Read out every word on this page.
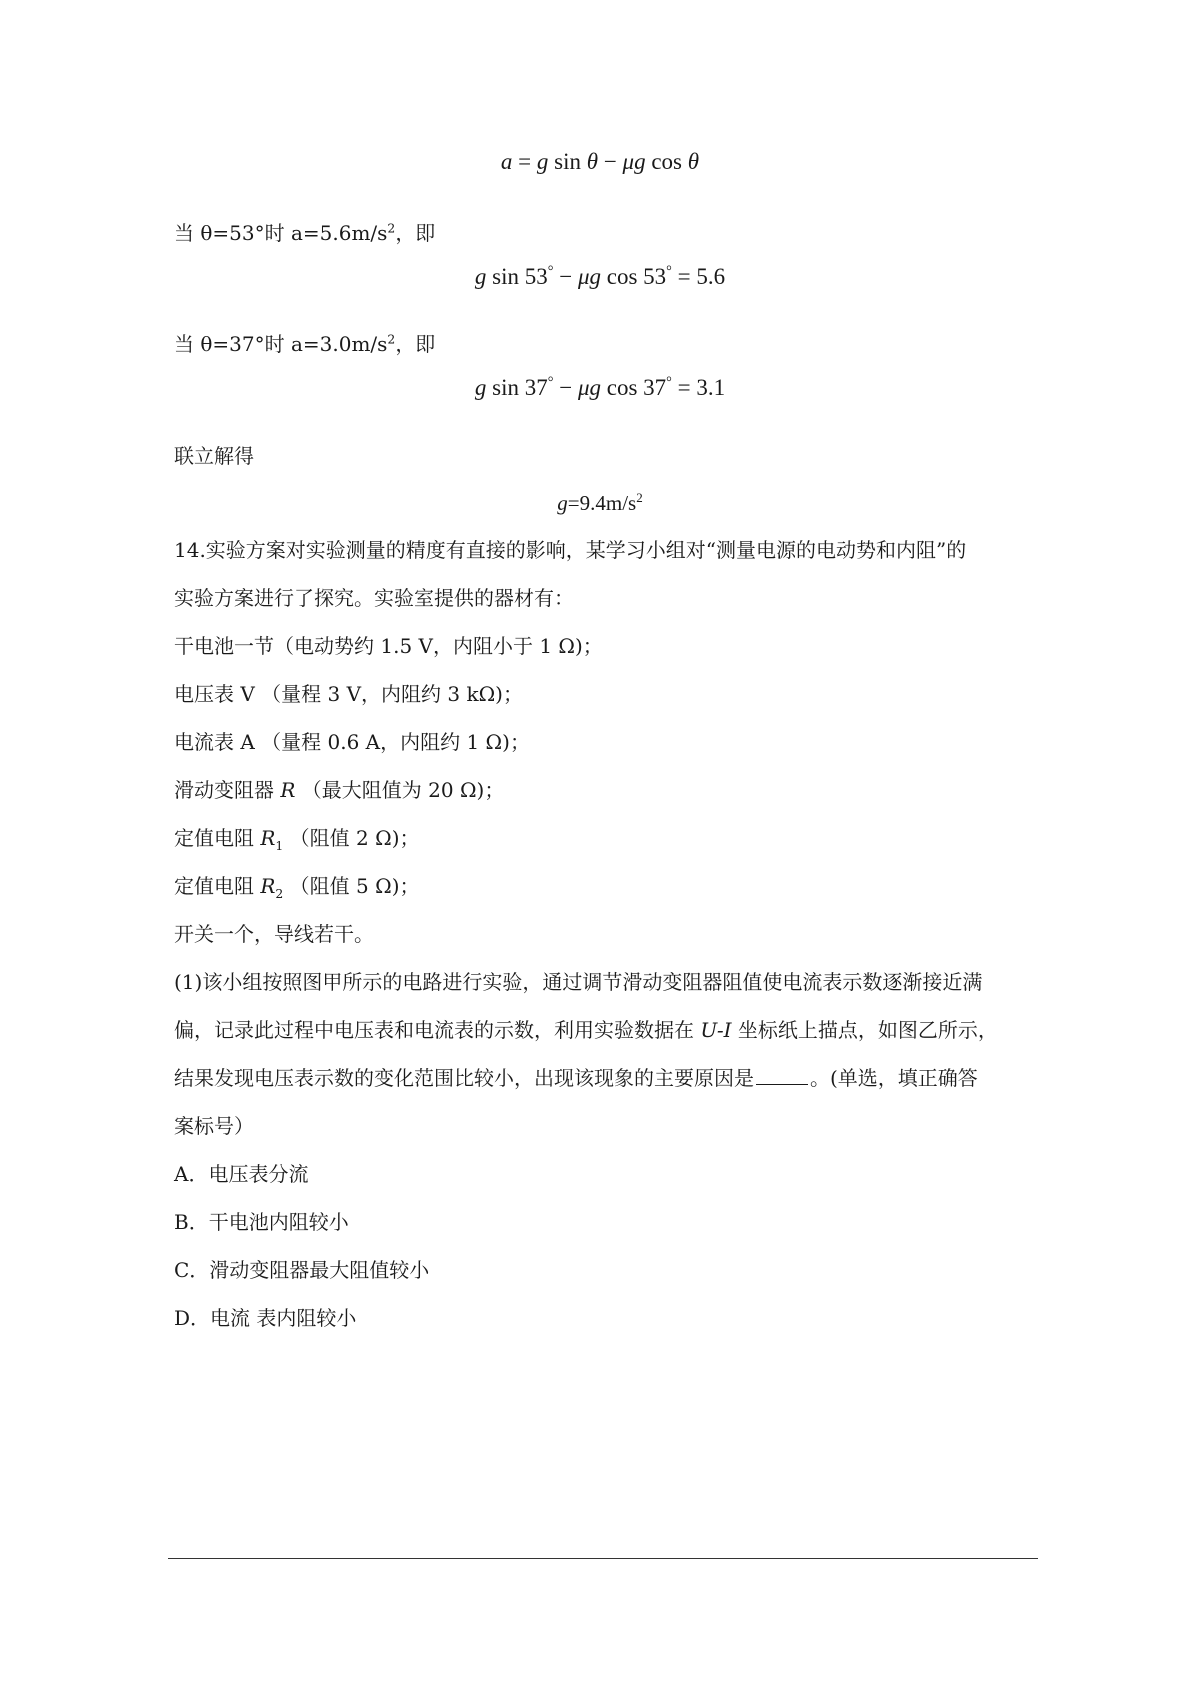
a = g sin θ − μg cos θ
当 θ=53°时 $a=5.6m/s^2$，即
g sin 53° − μg cos 53° = 5.6
当 θ=37°时 $a=3.0m/s^2$，即
g sin 37° − μg cos 37° = 3.1
联立解得
$g=9.4m/s^2$
14.实验方案对实验测量的精度有直接的影响，某学习小组对“测量电源的电动势和内阻”的
实验方案进行了探究。实验室提供的器材有：
干电池一节（电动势约 1.5 V，内阻小于 1 Ω)；
电压表 V （量程 3 V，内阻约 3 kΩ)；
电流表 A （量程 0.6 A，内阻约 1 Ω)；
滑动变阻器 R （最大阻值为 20 Ω)；
定值电阻 $R_1$ （阻值 2 Ω)；
定值电阻 $R_2$ （阻值 5 Ω)；
开关一个，导线若干。
(1)该小组按照图甲所示的电路进行实验，通过调节滑动变阻器阻值使电流表示数逐渐接近满
偏，记录此过程中电压表和电流表的示数，利用实验数据在 U-I 坐标纸上描点，如图乙所示，
结果发现电压表示数的变化范围比较小，出现该现象的主要原因是	。(单选，填正确答
案标号）
A．电压表分流
B．干电池内阻较小
C．滑动变阻器最大阻值较小
D．电流 表内阻较小
